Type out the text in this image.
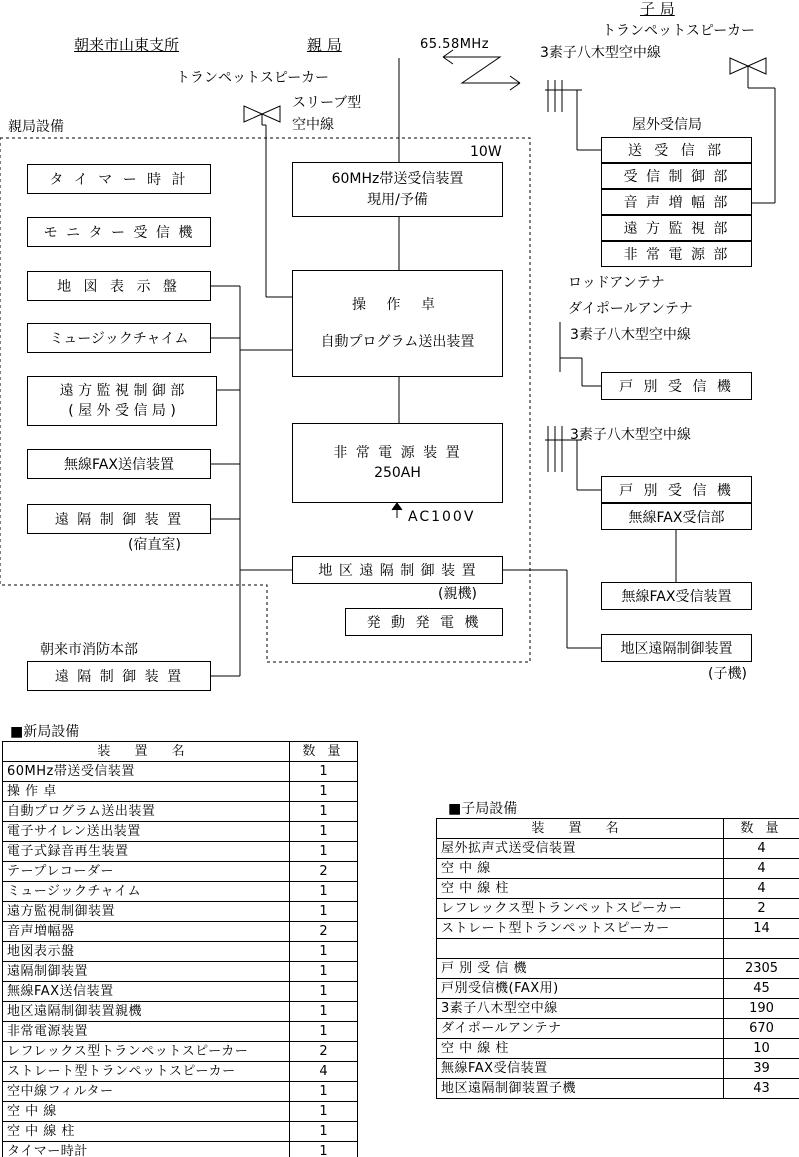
朝来市山東支所	親 局
子 局
65.58MHz
トランペットスピーカー
3素子八木型空中線
トランペットスピーカー
スリーブ型
空中線
親局設備
10W
屋外受信局
ロッドアンテナ
ダイポールアンテナ
3素子八木型空中線
3素子八木型空中線
AC100V
(宿直室)
(親機)
(子機)
朝来市消防本部
タ イ マ ー 時 計
モ ニ タ ー 受 信 機
地 図 表 示 盤
ミュージックチャイム
遠 方 監 視 制 御 部
( 屋 外 受 信 局 )
無線FAX送信装置
遠 隔 制 御 装 置
遠 隔 制 御 装 置
60MHz帯送受信装置
現用/予備
操 作 卓
自動プログラム送出装置
非 常 電 源 装 置
250AH
地 区 遠 隔 制 御 装 置
発 動 発 電 機
送 受 信 部
受 信 制 御 部
音 声 増 幅 部
遠 方 監 視 部
非 常 電 源 部
戸 別 受 信 機
戸 別 受 信 機
無線FAX受信部
無線FAX受信装置
地区遠隔制御装置
■新局設備
装 置 名	数 量
60MHz帯送受信装置	1
操 作 卓	1
自動プログラム送出装置	1
電子サイレン送出装置	1
電子式録音再生装置	1
テープレコーダー	2
ミュージックチャイム	1
遠方監視制御装置	1
音声増幅器	2
地図表示盤	1
遠隔制御装置	1
無線FAX送信装置	1
地区遠隔制御装置親機	1
非常電源装置	1
レフレックス型トランペットスピーカー	2
ストレート型トランペットスピーカー	4
空中線フィルター	1
空 中 線	1
空 中 線 柱	1
タイマー時計	1
■子局設備
装 置 名	数 量
屋外拡声式送受信装置	4
空 中 線	4
空 中 線 柱	4
レフレックス型トランペットスピーカー	2
ストレート型トランペットスピーカー	14

戸 別 受 信 機	2305
戸別受信機(FAX用)	45
3素子八木型空中線	190
ダイポールアンテナ	670
空 中 線 柱	10
無線FAX受信装置	39
地区遠隔制御装置子機	43
